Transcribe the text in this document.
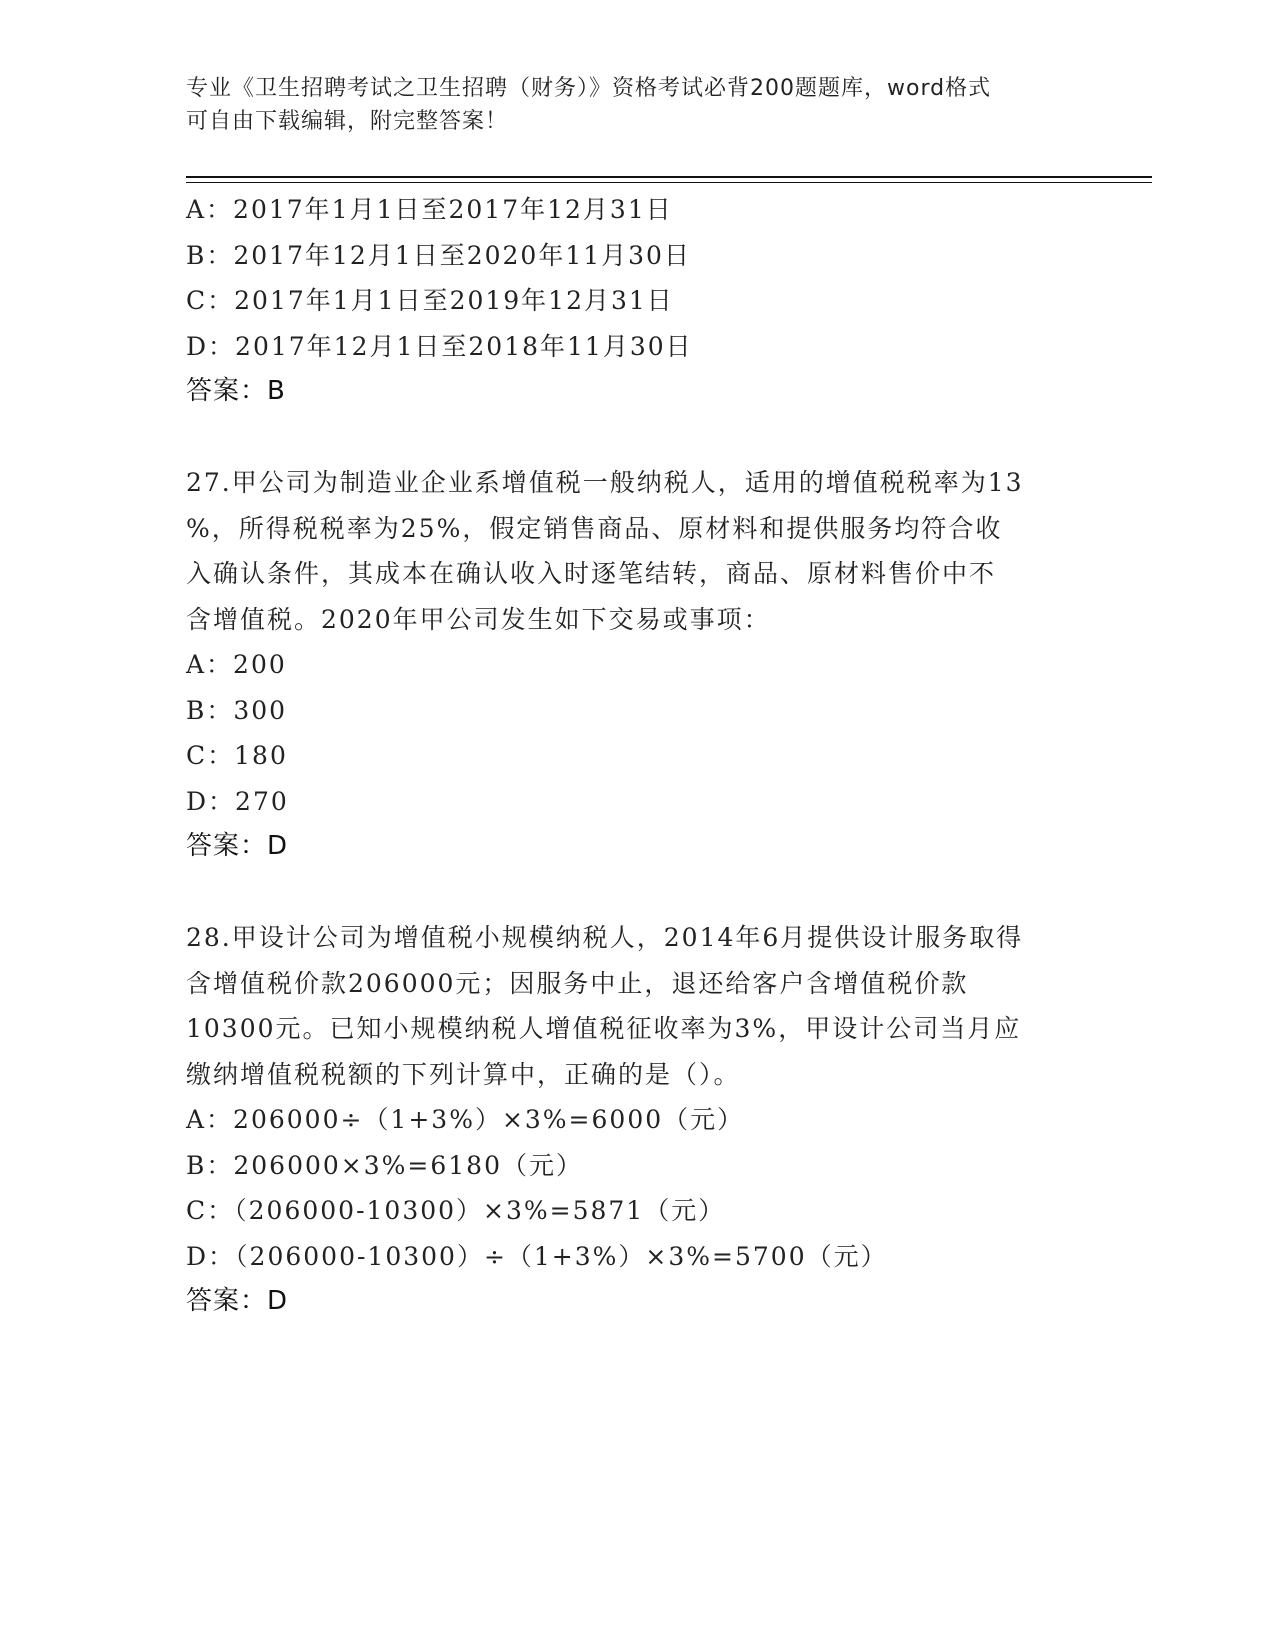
专业《卫生招聘考试之卫生招聘（财务）》资格考试必背200题题库，word格式
可自由下载编辑，附完整答案！
A：2017年1月1日至2017年12月31日
B：2017年12月1日至2020年11月30日
C：2017年1月1日至2019年12月31日
D：2017年12月1日至2018年11月30日
答案：B
27.甲公司为制造业企业系增值税一般纳税人，适用的增值税税率为13
%，所得税税率为25%，假定销售商品、原材料和提供服务均符合收
入确认条件，其成本在确认收入时逐笔结转，商品、原材料售价中不
含增值税。2020年甲公司发生如下交易或事项：
A：200
B：300
C：180
D：270
答案：D
28.甲设计公司为增值税小规模纳税人，2014年6月提供设计服务取得
含增值税价款206000元；因服务中止，退还给客户含增值税价款
10300元。已知小规模纳税人增值税征收率为3%，甲设计公司当月应
缴纳增值税税额的下列计算中，正确的是（）。
A：206000÷（1+3%）×3%=6000（元）
B：206000×3%=6180（元）
C：（206000-10300）×3%=5871（元）
D：（206000-10300）÷（1+3%）×3%=5700（元）
答案：D
